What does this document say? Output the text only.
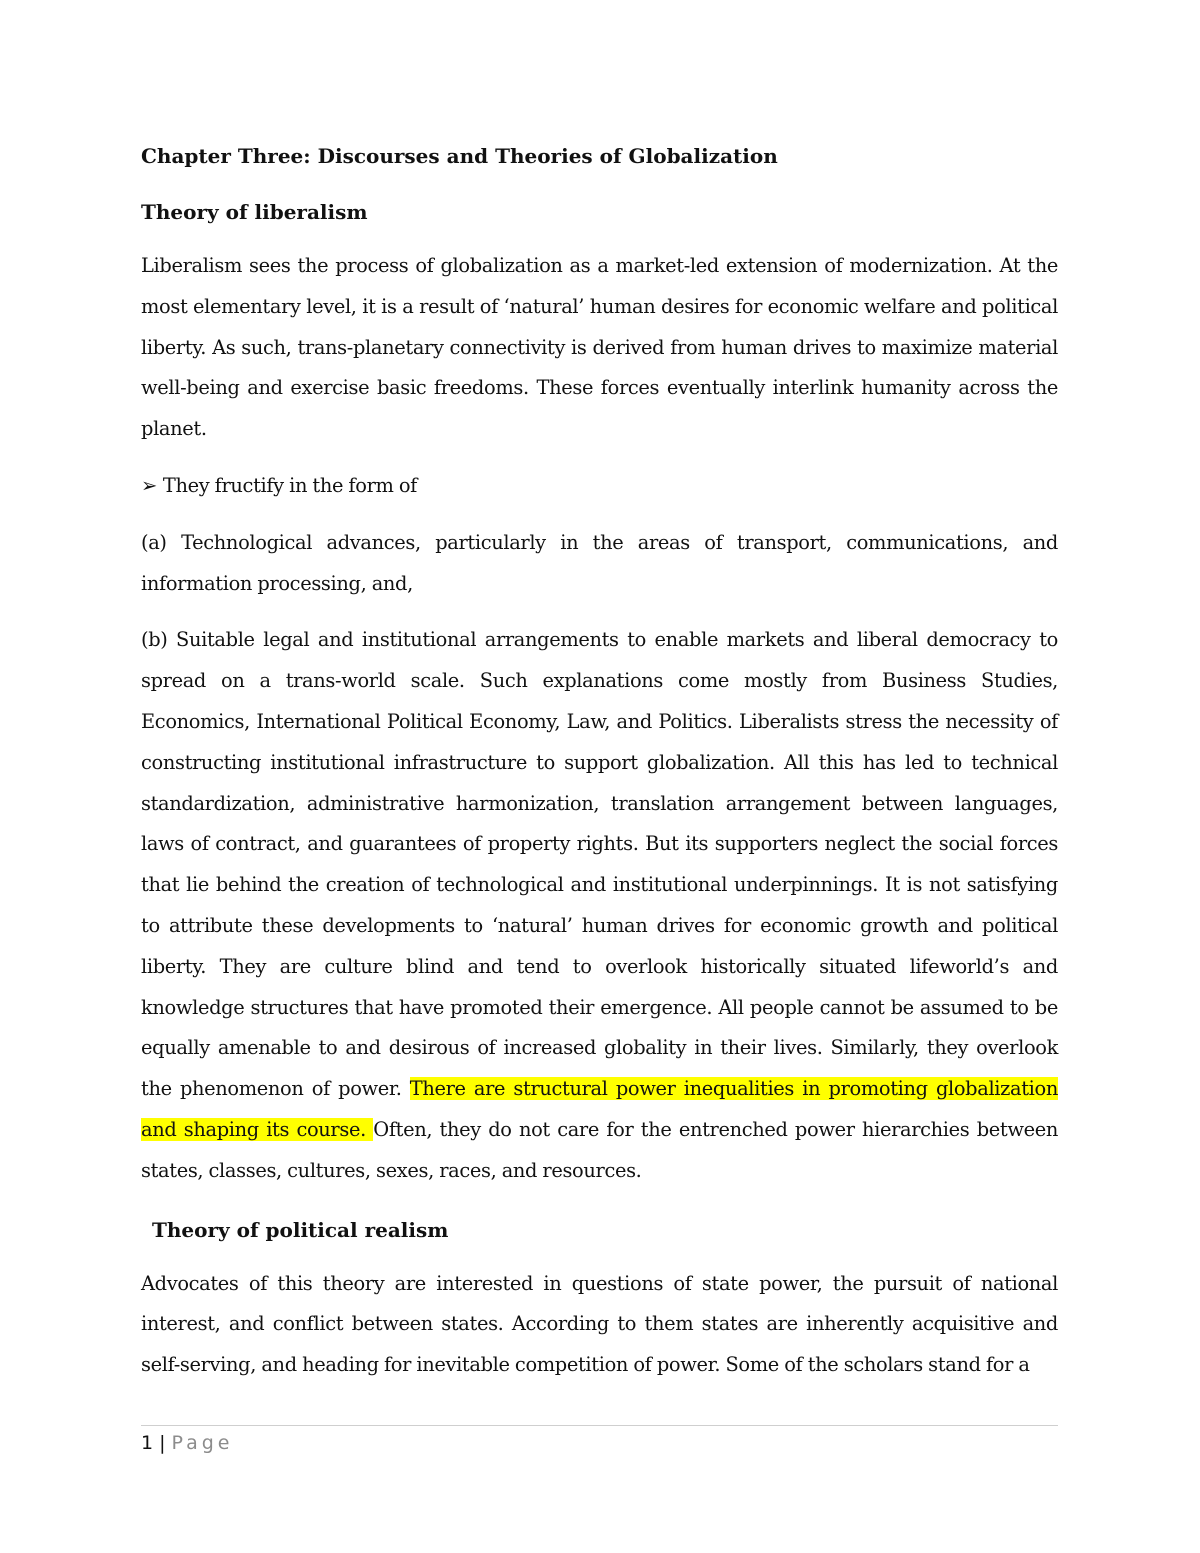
Chapter Three: Discourses and Theories of Globalization
Theory of liberalism

Liberalism sees the process of globalization as a market-led extension of modernization. At the most elementary level, it is a result of ‘natural’ human desires for economic welfare and political liberty. As such, trans-planetary connectivity is derived from human drives to maximize material well-being and exercise basic freedoms. These forces eventually interlink humanity across the planet.

➢ They fructify in the form of

(a) Technological advances, particularly in the areas of transport, communications, and information processing, and,

(b) Suitable legal and institutional arrangements to enable markets and liberal democracy to spread on a trans-world scale. Such explanations come mostly from Business Studies, Economics, International Political Economy, Law, and Politics. Liberalists stress the necessity of constructing institutional infrastructure to support globalization. All this has led to technical standardization, administrative harmonization, translation arrangement between languages, laws of contract, and guarantees of property rights. But its supporters neglect the social forces that lie behind the creation of technological and institutional underpinnings. It is not satisfying to attribute these developments to ‘natural’ human drives for economic growth and political liberty. They are culture blind and tend to overlook historically situated lifeworld’s and knowledge structures that have promoted their emergence. All people cannot be assumed to be equally amenable to and desirous of increased globality in their lives. Similarly, they overlook the phenomenon of power. There are structural power inequalities in promoting globalization and shaping its course. Often, they do not care for the entrenched power hierarchies between states, classes, cultures, sexes, races, and resources.

Theory of political realism

Advocates of this theory are interested in questions of state power, the pursuit of national interest, and conflict between states. According to them states are inherently acquisitive and self-serving, and heading for inevitable competition of power. Some of the scholars stand for a

1 | Page
